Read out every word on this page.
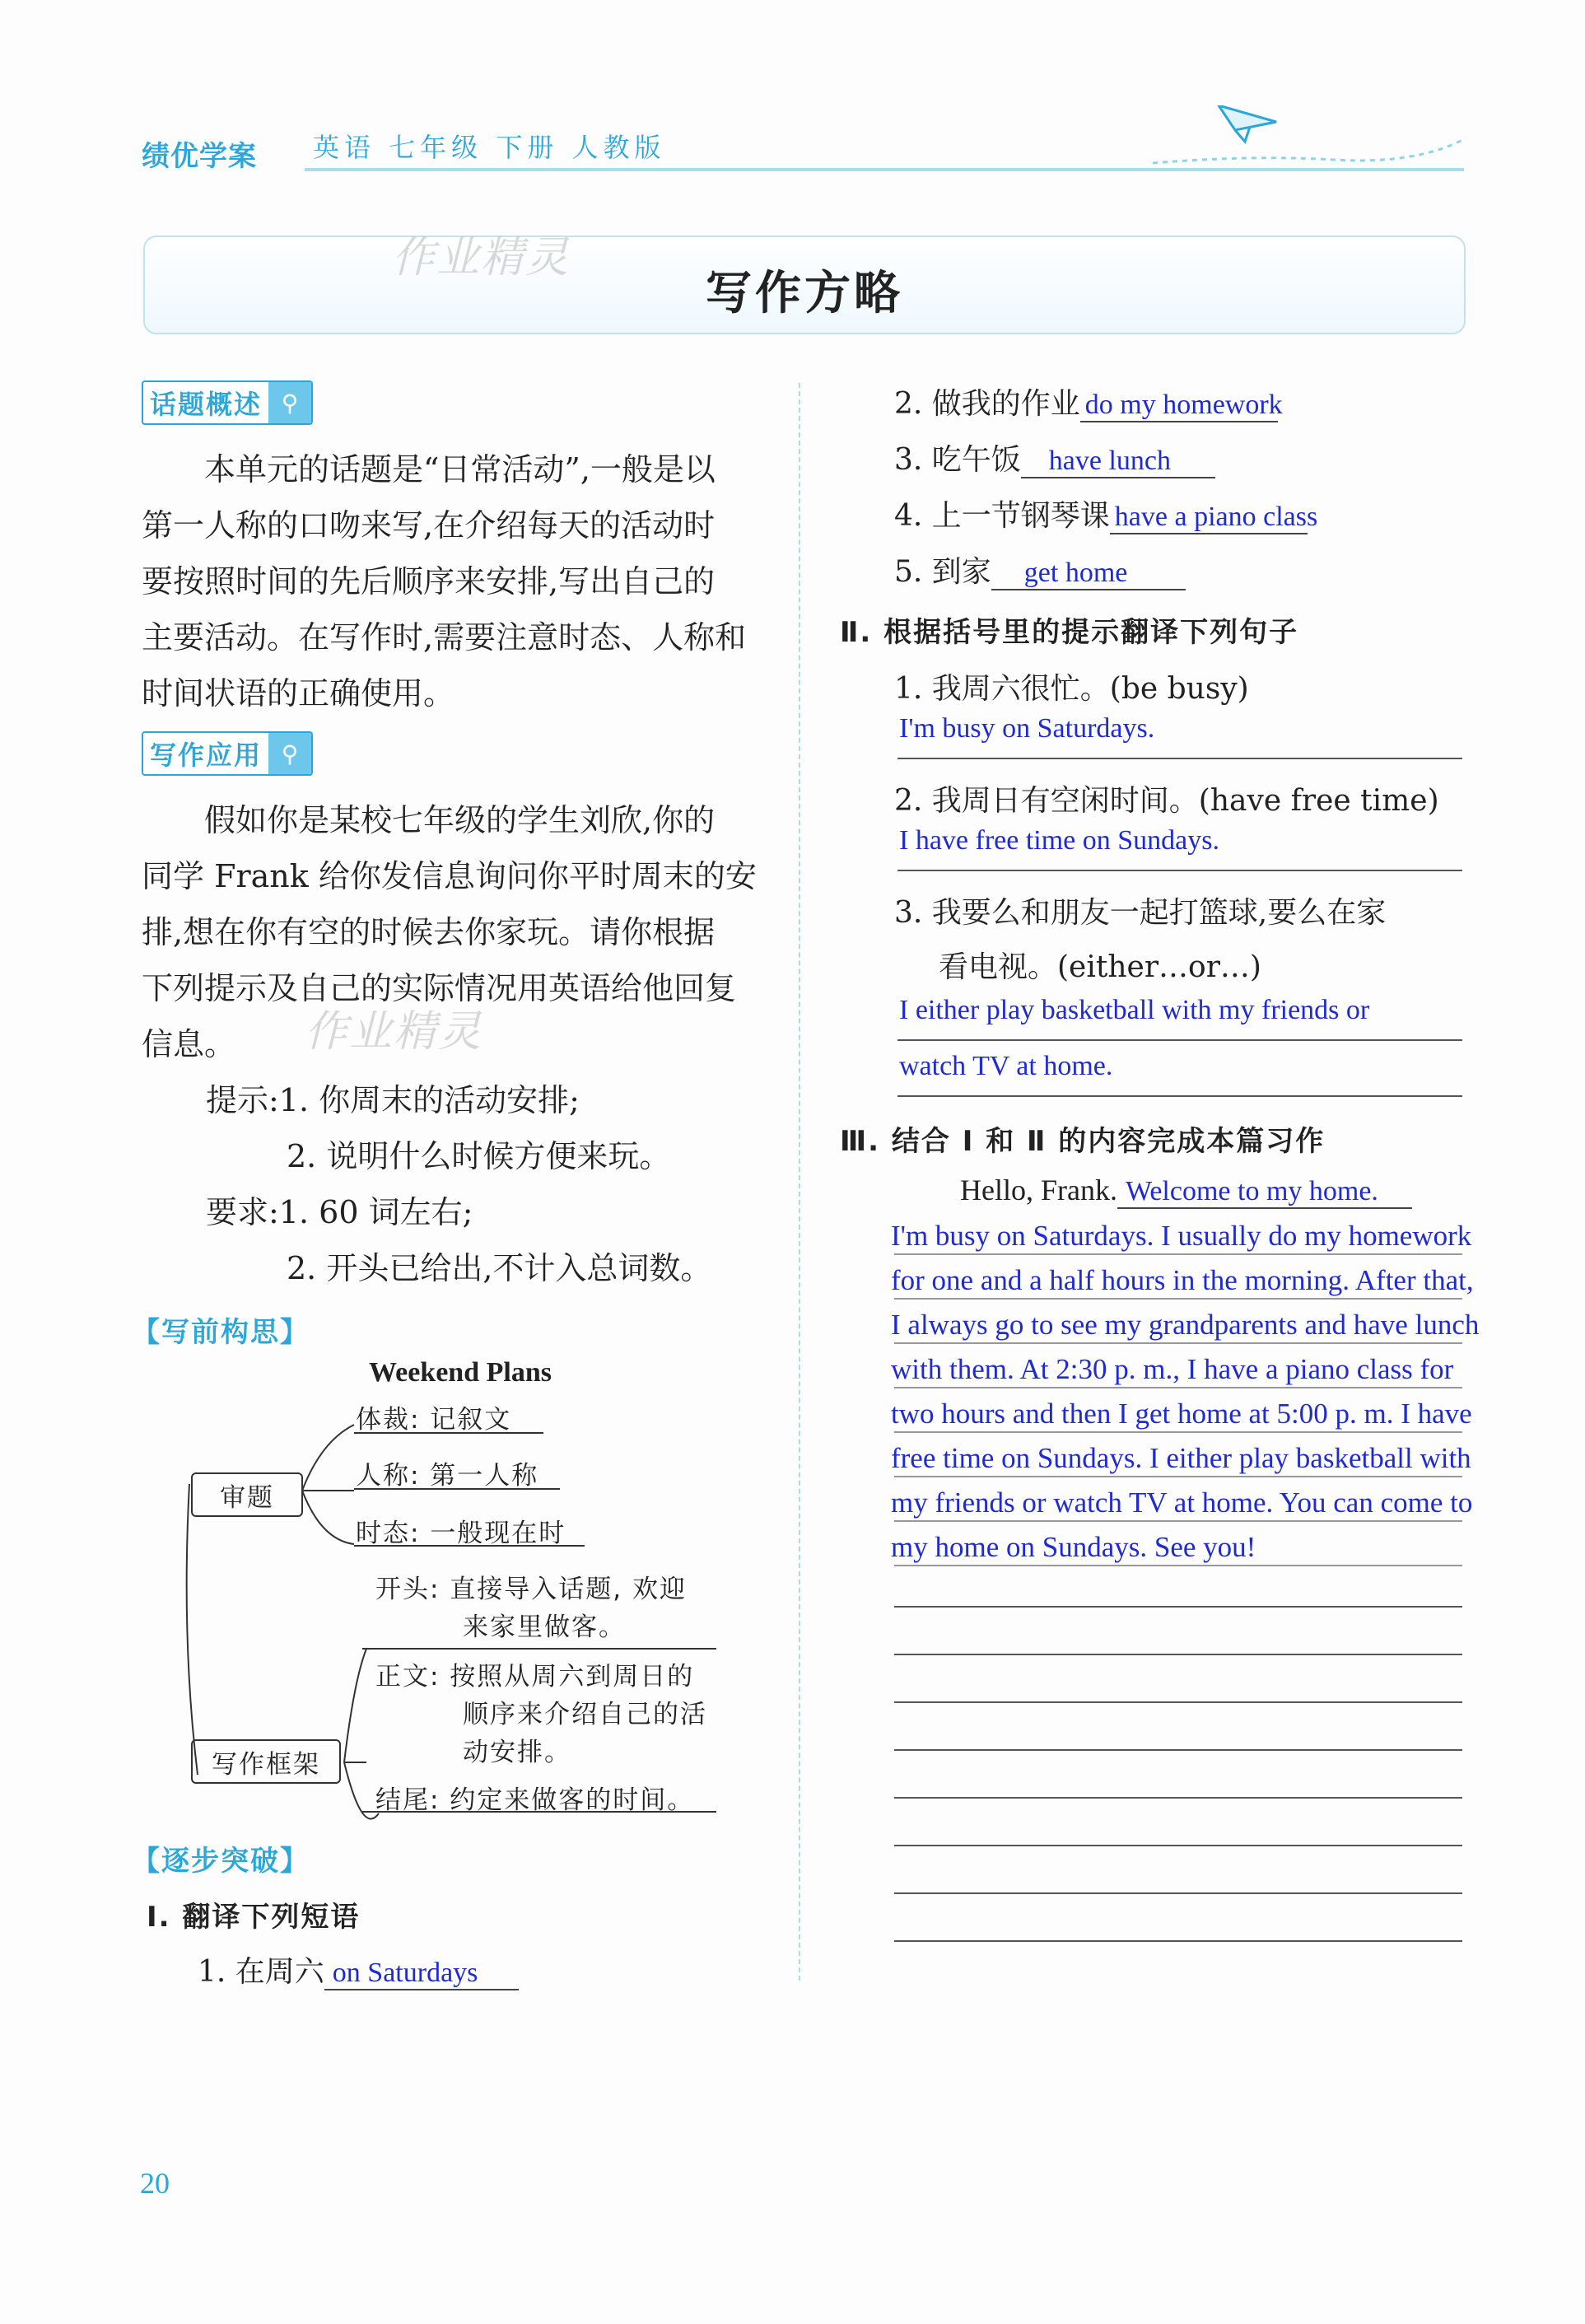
绩优学案 英语 七年级 下册 人教版
写作方略
作业精灵
话题概述 ⚲
本单元的话题是“日常活动”,一般是以
第一人称的口吻来写,在介绍每天的活动时
要按照时间的先后顺序来安排,写出自己的
主要活动。在写作时,需要注意时态、人称和
时间状语的正确使用。
写作应用 ⚲
假如你是某校七年级的学生刘欣,你的
同学 Frank 给你发信息询问你平时周末的安
排,想在你有空的时候去你家玩。请你根据
下列提示及自己的实际情况用英语给他回复
信息。	作业精灵
提示:1. 你周末的活动安排;
2. 说明什么时候方便来玩。
要求:1. 60 词左右;
2. 开头已给出,不计入总词数。
【写前构思】
Weekend Plans
审题
体裁: 记叙文
人称: 第一人称
时态: 一般现在时
开头: 直接导入话题, 欢迎
来家里做客。
正文: 按照从周六到周日的
顺序来介绍自己的活
动安排。
写作框架
结尾: 约定来做客的时间。
【逐步突破】
Ⅰ. 翻译下列短语
1. 在周六 on Saturdays
2. 做我的作业 do my homework
3. 吃午饭 have lunch
4. 上一节钢琴课 have a piano class
5. 到家 get home
Ⅱ. 根据括号里的提示翻译下列句子
1. 我周六很忙。(be busy)
I'm busy on Saturdays.
2. 我周日有空闲时间。(have free time)
I have free time on Sundays.
3. 我要么和朋友一起打篮球,要么在家
看电视。(either…or…)
I either play basketball with my friends or
watch TV at home.
Ⅲ. 结合 Ⅰ 和 Ⅱ 的内容完成本篇习作
Hello, Frank. Welcome to my home.
I'm busy on Saturdays. I usually do my homework
for one and a half hours in the morning. After that,
I always go to see my grandparents and have lunch
with them. At 2:30 p. m., I have a piano class for
two hours and then I get home at 5:00 p. m. I have
free time on Sundays. I either play basketball with
my friends or watch TV at home. You can come to
my home on Sundays. See you!
20
